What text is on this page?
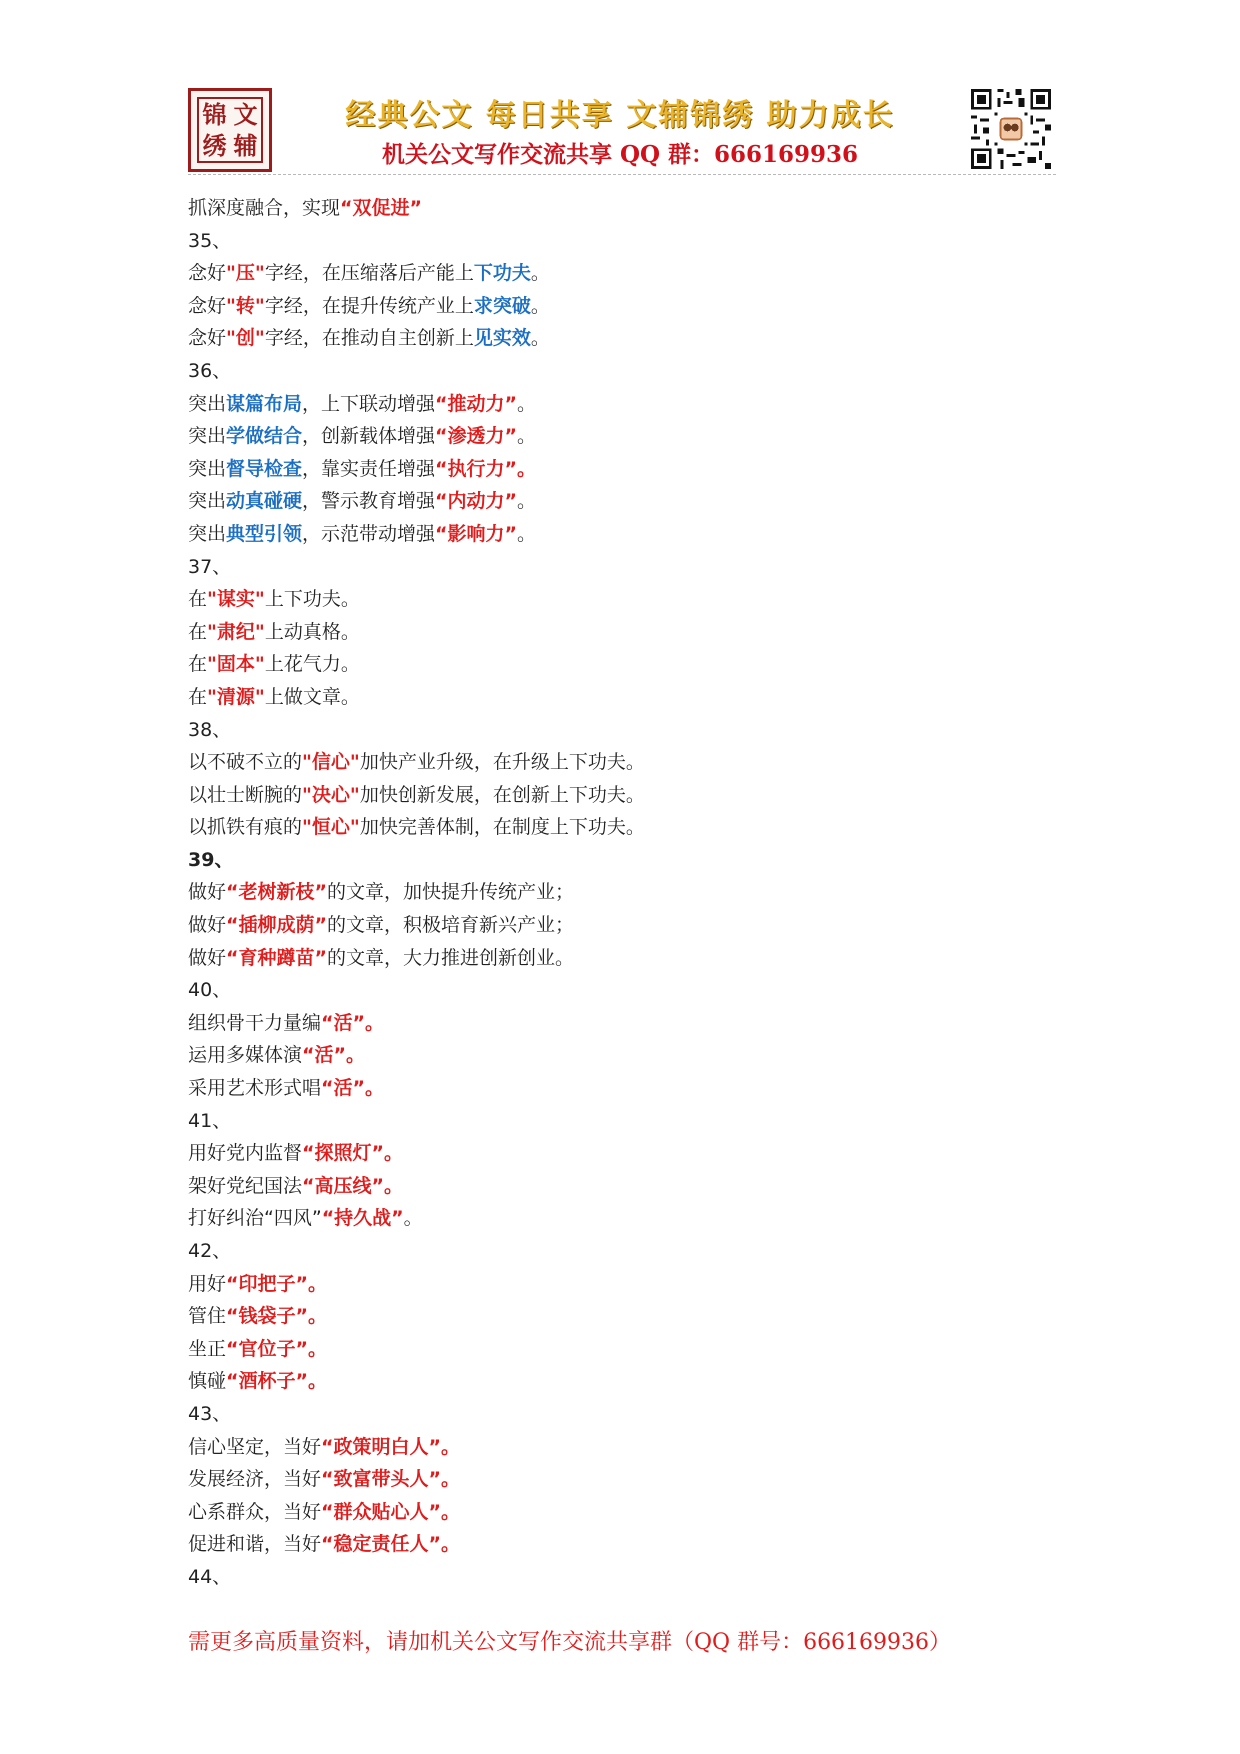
锦 文
绣 辅
经典公文 每日共享 文辅锦绣 助力成长
机关公文写作交流共享 QQ 群：666169936
抓深度融合，实现“双促进”
35、
念好"压"字经，在压缩落后产能上下功夫。
念好"转"字经，在提升传统产业上求突破。
念好"创"字经，在推动自主创新上见实效。
36、
突出谋篇布局，上下联动增强“推动力”。
突出学做结合，创新载体增强“渗透力”。
突出督导检查，靠实责任增强“执行力”。
突出动真碰硬，警示教育增强“内动力”。
突出典型引领，示范带动增强“影响力”。
37、
在"谋实"上下功夫。
在"肃纪"上动真格。
在"固本"上花气力。
在"清源"上做文章。
38、
以不破不立的"信心"加快产业升级，在升级上下功夫。
以壮士断腕的"决心"加快创新发展，在创新上下功夫。
以抓铁有痕的"恒心"加快完善体制，在制度上下功夫。
39、
做好“老树新枝”的文章，加快提升传统产业；
做好“插柳成荫”的文章，积极培育新兴产业；
做好“育种蹲苗”的文章，大力推进创新创业。
40、
组织骨干力量编“活”。
运用多媒体演“活”。
采用艺术形式唱“活”。
41、
用好党内监督“探照灯”。
架好党纪国法“高压线”。
打好纠治“四风”“持久战”。
42、
用好“印把子”。
管住“钱袋子”。
坐正“官位子”。
慎碰“酒杯子”。
43、
信心坚定，当好“政策明白人”。
发展经济，当好“致富带头人”。
心系群众，当好“群众贴心人”。
促进和谐，当好“稳定责任人”。
44、
需更多高质量资料，请加机关公文写作交流共享群（QQ 群号：666169936）
